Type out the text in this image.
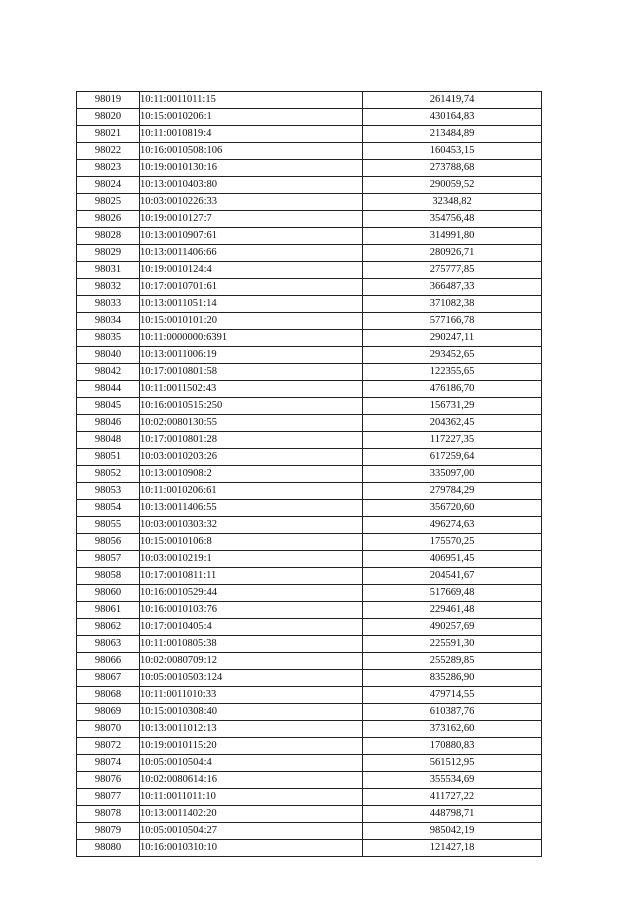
98019	10:11:0011011:15	261419,74
98020	10:15:0010206:1	430164,83
98021	10:11:0010819:4	213484,89
98022	10:16:0010508:106	160453,15
98023	10:19:0010130:16	273788,68
98024	10:13:0010403:80	290059,52
98025	10:03:0010226:33	32348,82
98026	10:19:0010127:7	354756,48
98028	10:13:0010907:61	314991,80
98029	10:13:0011406:66	280926,71
98031	10:19:0010124:4	275777,85
98032	10:17:0010701:61	366487,33
98033	10:13:0011051:14	371082,38
98034	10:15:0010101:20	577166,78
98035	10:11:0000000:6391	290247,11
98040	10:13:0011006:19	293452,65
98042	10:17:0010801:58	122355,65
98044	10:11:0011502:43	476186,70
98045	10:16:0010515:250	156731,29
98046	10:02:0080130:55	204362,45
98048	10:17:0010801:28	117227,35
98051	10:03:0010203:26	617259,64
98052	10:13:0010908:2	335097,00
98053	10:11:0010206:61	279784,29
98054	10:13:0011406:55	356720,60
98055	10:03:0010303:32	496274,63
98056	10:15:0010106:8	175570,25
98057	10:03:0010219:1	406951,45
98058	10:17:0010811:11	204541,67
98060	10:16:0010529:44	517669,48
98061	10:16:0010103:76	229461,48
98062	10:17:0010405:4	490257,69
98063	10:11:0010805:38	225591,30
98066	10:02:0080709:12	255289,85
98067	10:05:0010503:124	835286,90
98068	10:11:0011010:33	479714,55
98069	10:15:0010308:40	610387,76
98070	10:13:0011012:13	373162,60
98072	10:19:0010115:20	170880,83
98074	10:05:0010504:4	561512,95
98076	10:02:0080614:16	355534,69
98077	10:11:0011011:10	411727,22
98078	10:13:0011402:20	448798,71
98079	10:05:0010504:27	985042,19
98080	10:16:0010310:10	121427,18
